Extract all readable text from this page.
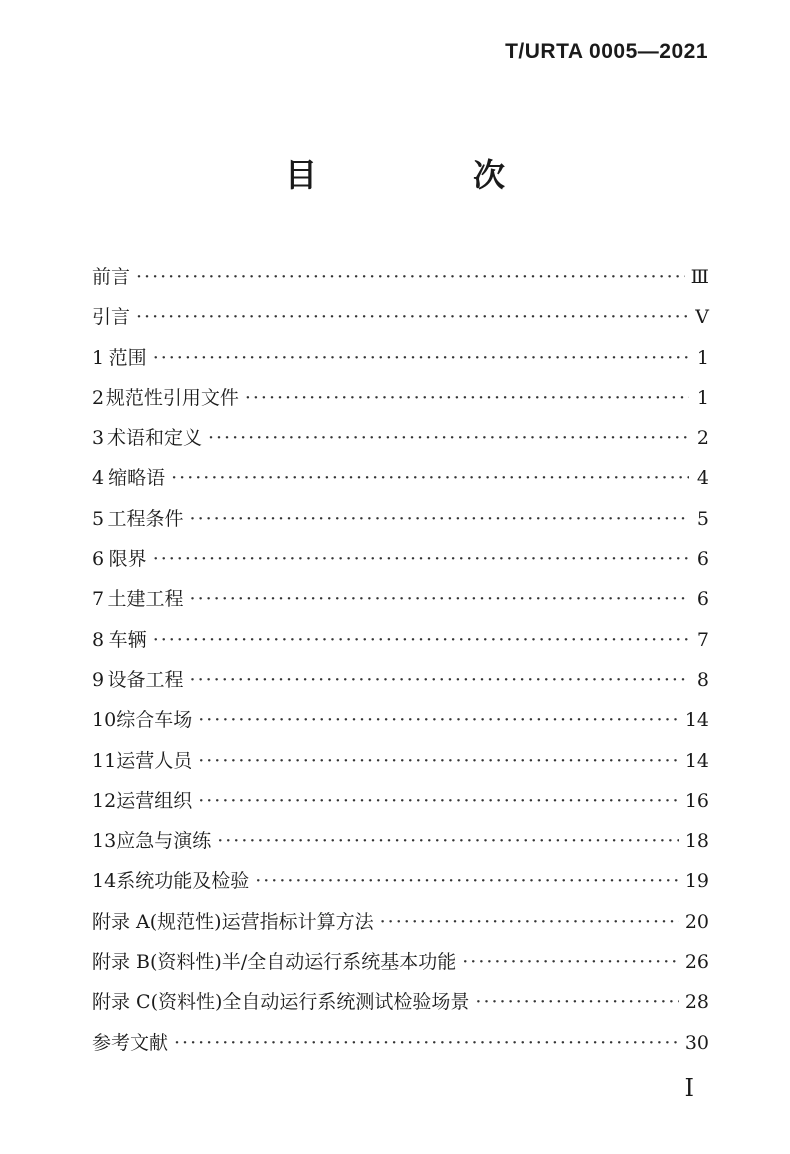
T/URTA 0005—2021
目　次
前言 ·····	Ⅲ
引言 ·····	Ⅴ
1 范围 ·····	1
2 规范性引用文件 ·····	1
3 术语和定义 ·····	2
4 缩略语 ·····	4
5 工程条件 ·····	5
6 限界 ·····	6
7 土建工程 ·····	6
8 车辆 ·····	7
9 设备工程 ·····	8
10 综合车场 ·····	14
11 运营人员 ·····	14
12 运营组织 ·····	16
13 应急与演练 ·····	18
14 系统功能及检验 ·····	19
附录 A(规范性) 运营指标计算方法 ·····	20
附录 B(资料性) 半/全自动运行系统基本功能 ·····	26
附录 C(资料性) 全自动运行系统测试检验场景 ·····	28
参考文献 ·····	30
Ⅰ
